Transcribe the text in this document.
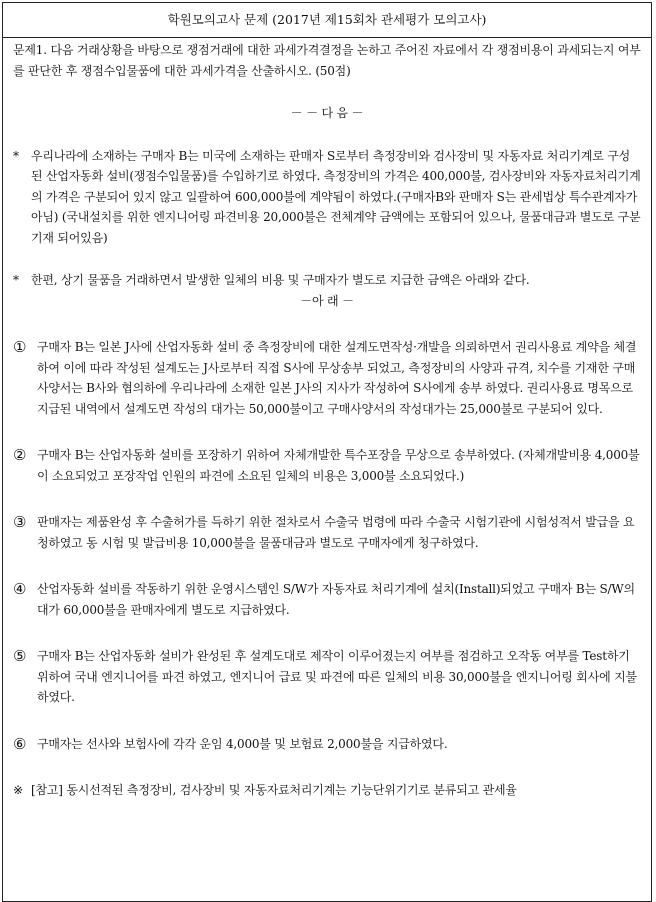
학원모의고사 문제 (2017년 제15회차 관세평가 모의고사)

문제1. 다음 거래상황을 바탕으로 쟁점거래에 대한 과세가격결정을 논하고 주어진 자료에서 각 쟁점비용이 과세되는지 여부를 판단한 후 쟁점수입물품에 대한 과세가격을 산출하시오. (50점)

－ － 다 음 －

* 우리나라에 소재하는 구매자 B는 미국에 소재하는 판매자 S로부터 측정장비와 검사장비 및 자동자료 처리기계로 구성된 산업자동화 설비(쟁점수입물품)를 수입하기로 하였다. 측정장비의 가격은 400,000불, 검사장비와 자동자료처리기계의 가격은 구분되어 있지 않고 일괄하여 600,000불에 계약됨이 하였다.(구매자B와 판매자 S는 관세법상 특수관계자가 아님) (국내설치를 위한 엔지니어링 파견비용 20,000불은 전체계약 금액에는 포함되어 있으나, 물품대금과 별도로 구분기재 되어있음)
* 한편, 상기 물품을 거래하면서 발생한 일체의 비용 및 구매자가 별도로 지급한 금액은 아래와 같다.

－아 래 －

① 구매자 B는 일본 J사에 산업자동화 설비 중 측정장비에 대한 설계도면작성·개발을 의뢰하면서 권리사용료 계약을 체결하여 이에 따라 작성된 설계도는 J사로부터 직접 S사에 무상송부 되었고, 측정장비의 사양과 규격, 치수를 기재한 구매사양서는 B사와 협의하에 우리나라에 소재한 일본 J사의 지사가 작성하여 S사에게 송부 하였다. 권리사용료 명목으로 지급된 내역에서 설계도면 작성의 대가는 50,000불이고 구매사양서의 작성대가는 25,000불로 구분되어 있다.
② 구매자 B는 산업자동화 설비를 포장하기 위하여 자체개발한 특수포장을 무상으로 송부하였다. (자체개발비용 4,000불이 소요되었고 포장작업 인원의 파견에 소요된 일체의 비용은 3,000불 소요되었다.)
③ 판매자는 제품완성 후 수출허가를 득하기 위한 절차로서 수출국 법령에 따라 수출국 시험기관에 시험성적서 발급을 요청하였고 동 시험 및 발급비용 10,000불을 물품대금과 별도로 구매자에게 청구하였다.
④ 산업자동화 설비를 작동하기 위한 운영시스템인 S/W가 자동자료 처리기계에 설치(Install)되었고 구매자 B는 S/W의 대가 60,000불을 판매자에게 별도로 지급하였다.
⑤ 구매자 B는 산업자동화 설비가 완성된 후 설계도대로 제작이 이루어졌는지 여부를 점검하고 오작동 여부를 Test하기 위하여 국내 엔지니어를 파견 하였고, 엔지니어 급료 및 파견에 따른 일체의 비용 30,000불을 엔지니어링 회사에 지불하였다.
⑥ 구매자는 선사와 보험사에 각각 운임 4,000불 및 보험료 2,000불을 지급하였다.
※ [참고] 동시선적된 측정장비, 검사장비 및 자동자료처리기계는 기능단위기기로 분류되고 관세율
